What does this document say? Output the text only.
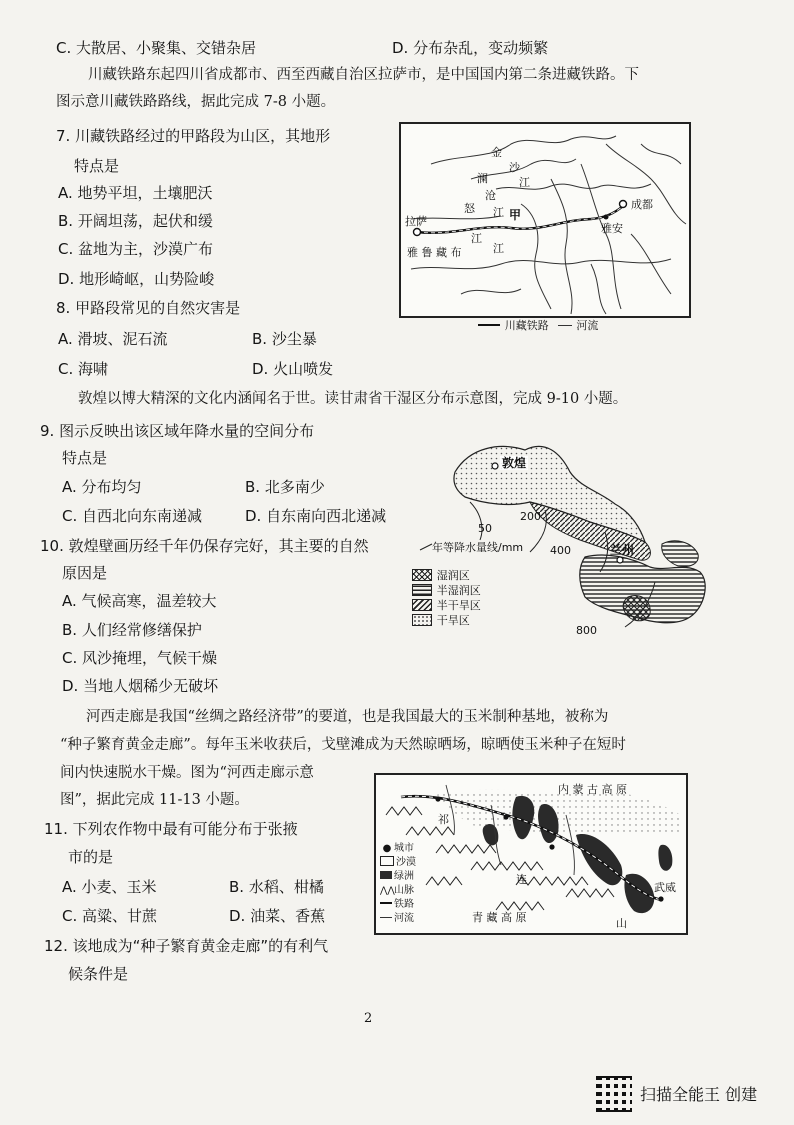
C. 大散居、小聚集、交错杂居	D. 分布杂乱，变动频繁
川藏铁路东起四川省成都市、西至西藏自治区拉萨市，是中国国内第二条进藏铁路。下
图示意川藏铁路路线，据此完成 7-8 小题。
7. 川藏铁路经过的甲路段为山区，其地形
特点是
A. 地势平坦，土壤肥沃
B. 开阔坦荡，起伏和缓
C. 盆地为主，沙漠广布
D. 地形崎岖，山势险峻
8. 甲路段常见的自然灾害是
A. 滑坡、泥石流	B. 沙尘暴
C. 海啸	D. 火山喷发
金
沙
江
澜
沧
江
怒
江
甲
拉萨
成都
雅安
雅 鲁 藏 布	江
川藏铁路	河流
敦煌以博大精深的文化内涵闻名于世。读甘肃省干湿区分布示意图，完成 9-10 小题。
9. 图示反映出该区域年降水量的空间分布
特点是
A. 分布均匀	B. 北多南少
C. 自西北向东南递减	D. 自东南向西北递减
10. 敦煌壁画历经千年仍保存完好，其主要的自然
原因是
A. 气候高寒，温差较大
B. 人们经常修缮保护
C. 风沙掩埋，气候干燥
D. 当地人烟稀少无破坏
敦煌
兰州
50
200
400
800
年等降水量线/mm
湿润区
半湿润区
半干旱区
干旱区
河西走廊是我国“丝绸之路经济带”的要道，也是我国最大的玉米制种基地，被称为
“种子繁育黄金走廊”。每年玉米收获后，戈壁滩成为天然晾晒场，晾晒使玉米种子在短时
间内快速脱水干燥。图为“河西走廊示意
图”，据此完成 11-13 小题。
11. 下列农作物中最有可能分布于张掖
市的是
A. 小麦、玉米	B. 水稻、柑橘
C. 高粱、甘蔗	D. 油菜、香蕉
12. 该地成为“种子繁育黄金走廊”的有利气
候条件是
内 蒙 古 高 原
祁
连
山
青 藏 高 原
武威
● 城市
沙漠
绿洲
⋀⋀山脉
铁路
河流
2
扫描全能王 创建
